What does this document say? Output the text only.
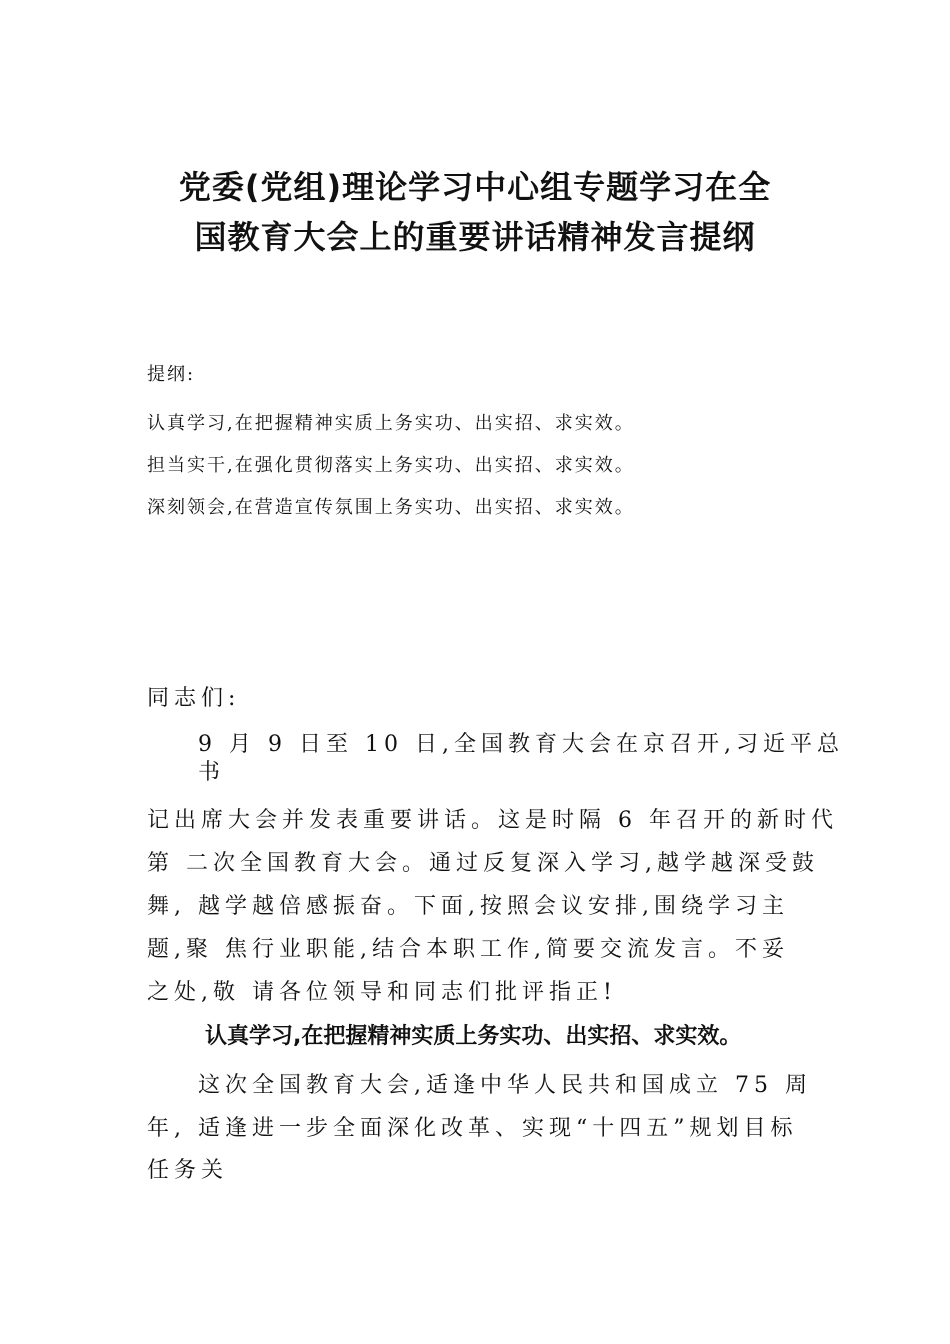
党委(党组)理论学习中心组专题学习在全
国教育大会上的重要讲话精神发言提纲
提纲:
认真学习,在把握精神实质上务实功、出实招、求实效。
担当实干,在强化贯彻落实上务实功、出实招、求实效。
深刻领会,在营造宣传氛围上务实功、出实招、求实效。
同志们:
9 月 9 日至 10 日,全国教育大会在京召开,习近平总
书
记出席大会并发表重要讲话。这是时隔 6 年召开的新时代
第 二次全国教育大会。通过反复深入学习,越学越深受鼓
舞, 越学越倍感振奋。下面,按照会议安排,围绕学习主
题,聚 焦行业职能,结合本职工作,简要交流发言。不妥
之处,敬 请各位领导和同志们批评指正!
认真学习,在把握精神实质上务实功、出实招、求实效。
这次全国教育大会,适逢中华人民共和国成立 75 周
年, 适逢进一步全面深化改革、实现“十四五”规划目标
任务关
